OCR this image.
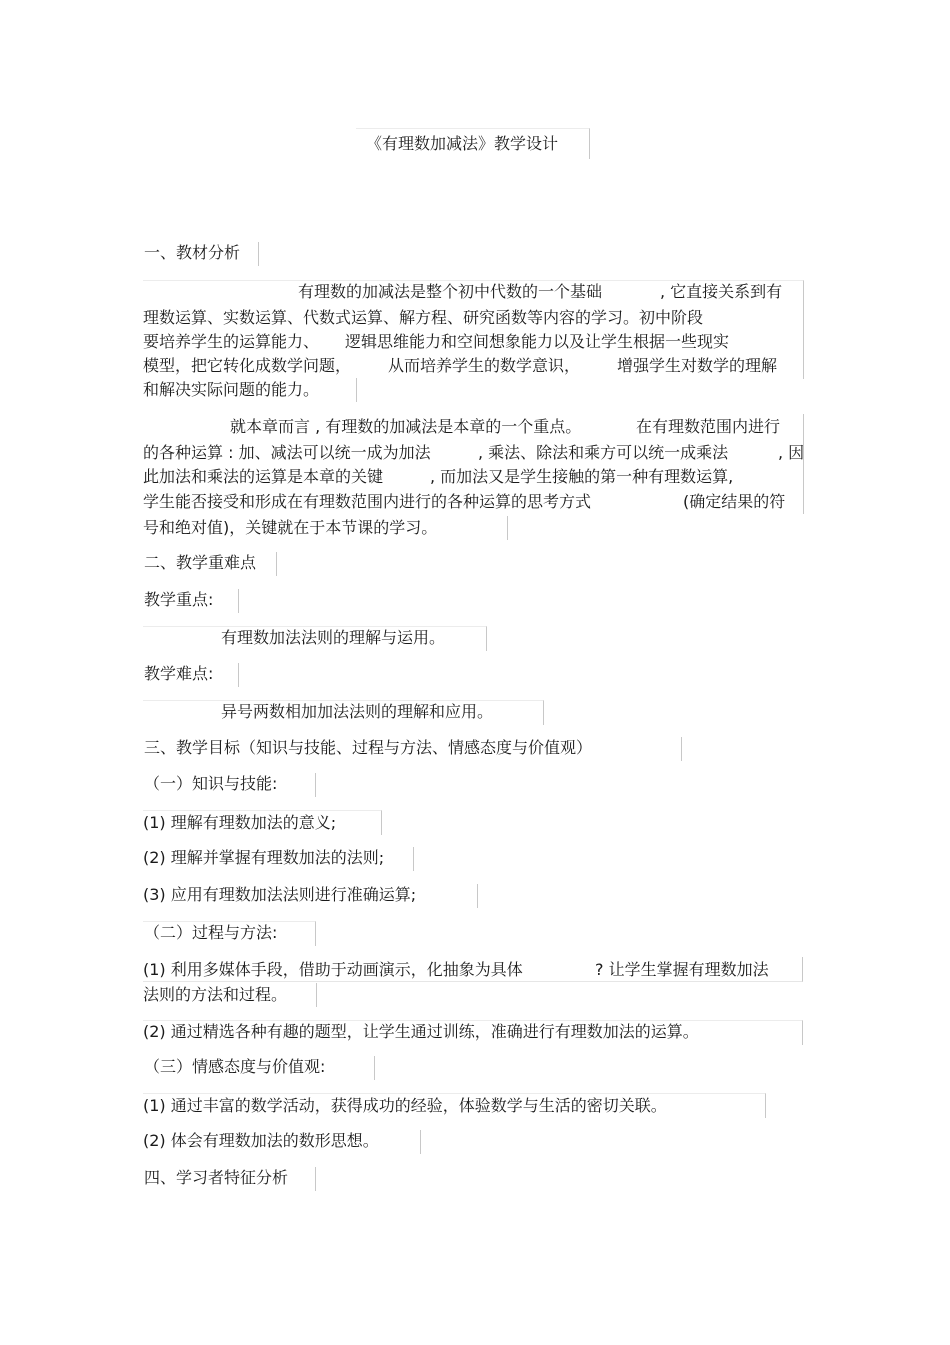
《有理数加减法》教学设计
一、教材分析
有理数的加减法是整个初中代数的一个基础	, 它直接关系到有
理数运算、实数运算、代数式运算、解方程、研究函数等内容的学习。初中阶段
要培养学生的运算能力、 逻辑思维能力和空间想象能力以及让学生根据一些现实
模型，把它转化成数学问题， 从而培养学生的数学意识， 增强学生对数学的理解
和解决实际问题的能力。
就本章而言 , 有理数的加减法是本章的一个重点。	在有理数范围内进行
的各种运算 : 加、减法可以统一成为加法	, 乘法、除法和乘方可以统一成乘法	, 因
此加法和乘法的运算是本章的关键	, 而加法又是学生接触的第一种有理数运算,
学生能否接受和形成在有理数范围内进行的各种运算的思考方式	(确定结果的符
号和绝对值)，关键就在于本节课的学习。
二、教学重难点
教学重点:
有理数加法法则的理解与运用。
教学难点:
异号两数相加加法法则的理解和应用。
三、教学目标（知识与技能、过程与方法、情感态度与价值观）
（一）知识与技能:
(1) 理解有理数加法的意义;
(2) 理解并掌握有理数加法的法则;
(3) 应用有理数加法法则进行准确运算;
（二）过程与方法:
(1) 利用多媒体手段，借助于动画演示，化抽象为具体	? 让学生掌握有理数加法
法则的方法和过程。
(2) 通过精选各种有趣的题型，让学生通过训练，准确进行有理数加法的运算。
（三）情感态度与价值观:
(1) 通过丰富的数学活动，获得成功的经验，体验数学与生活的密切关联。
(2) 体会有理数加法的数形思想。
四、学习者特征分析
